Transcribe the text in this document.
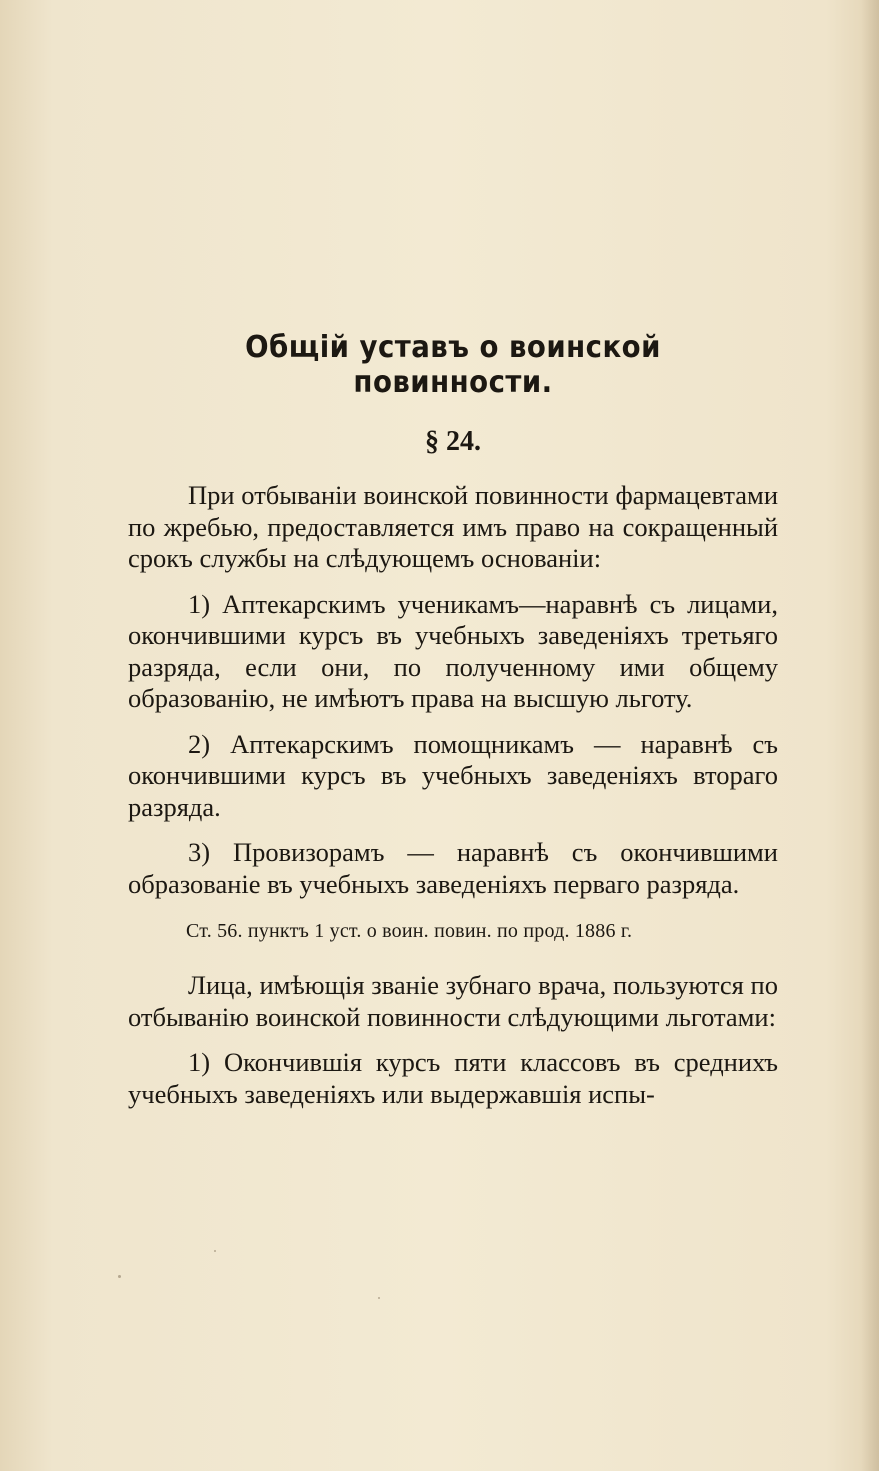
Общій уставъ о воинской повинности.
§ 24.

При отбываніи воинской повинности фармацевтами по жребью, предоставляется имъ право на сокращенный срокъ службы на слѣдующемъ основаніи:

1) Аптекарскимъ ученикамъ—наравнѣ съ лицами, окончившими курсъ въ учебныхъ заведеніяхъ третьяго разряда, если они, по полученному ими общему образованію, не имѣютъ права на высшую льготу.

2) Аптекарскимъ помощникамъ — наравнѣ съ окончившими курсъ въ учебныхъ заведеніяхъ втораго разряда.

3) Провизорамъ — наравнѣ съ окончившими образованіе въ учебныхъ заведеніяхъ перваго разряда.

Ст. 56. пунктъ 1 уст. о воин. повин. по прод. 1886 г.

Лица, имѣющія званіе зубнаго врача, пользуются по отбыванію воинской повинности слѣдующими льготами:

1) Окончившія курсъ пяти классовъ въ среднихъ учебныхъ заведеніяхъ или выдержавшія испы-
